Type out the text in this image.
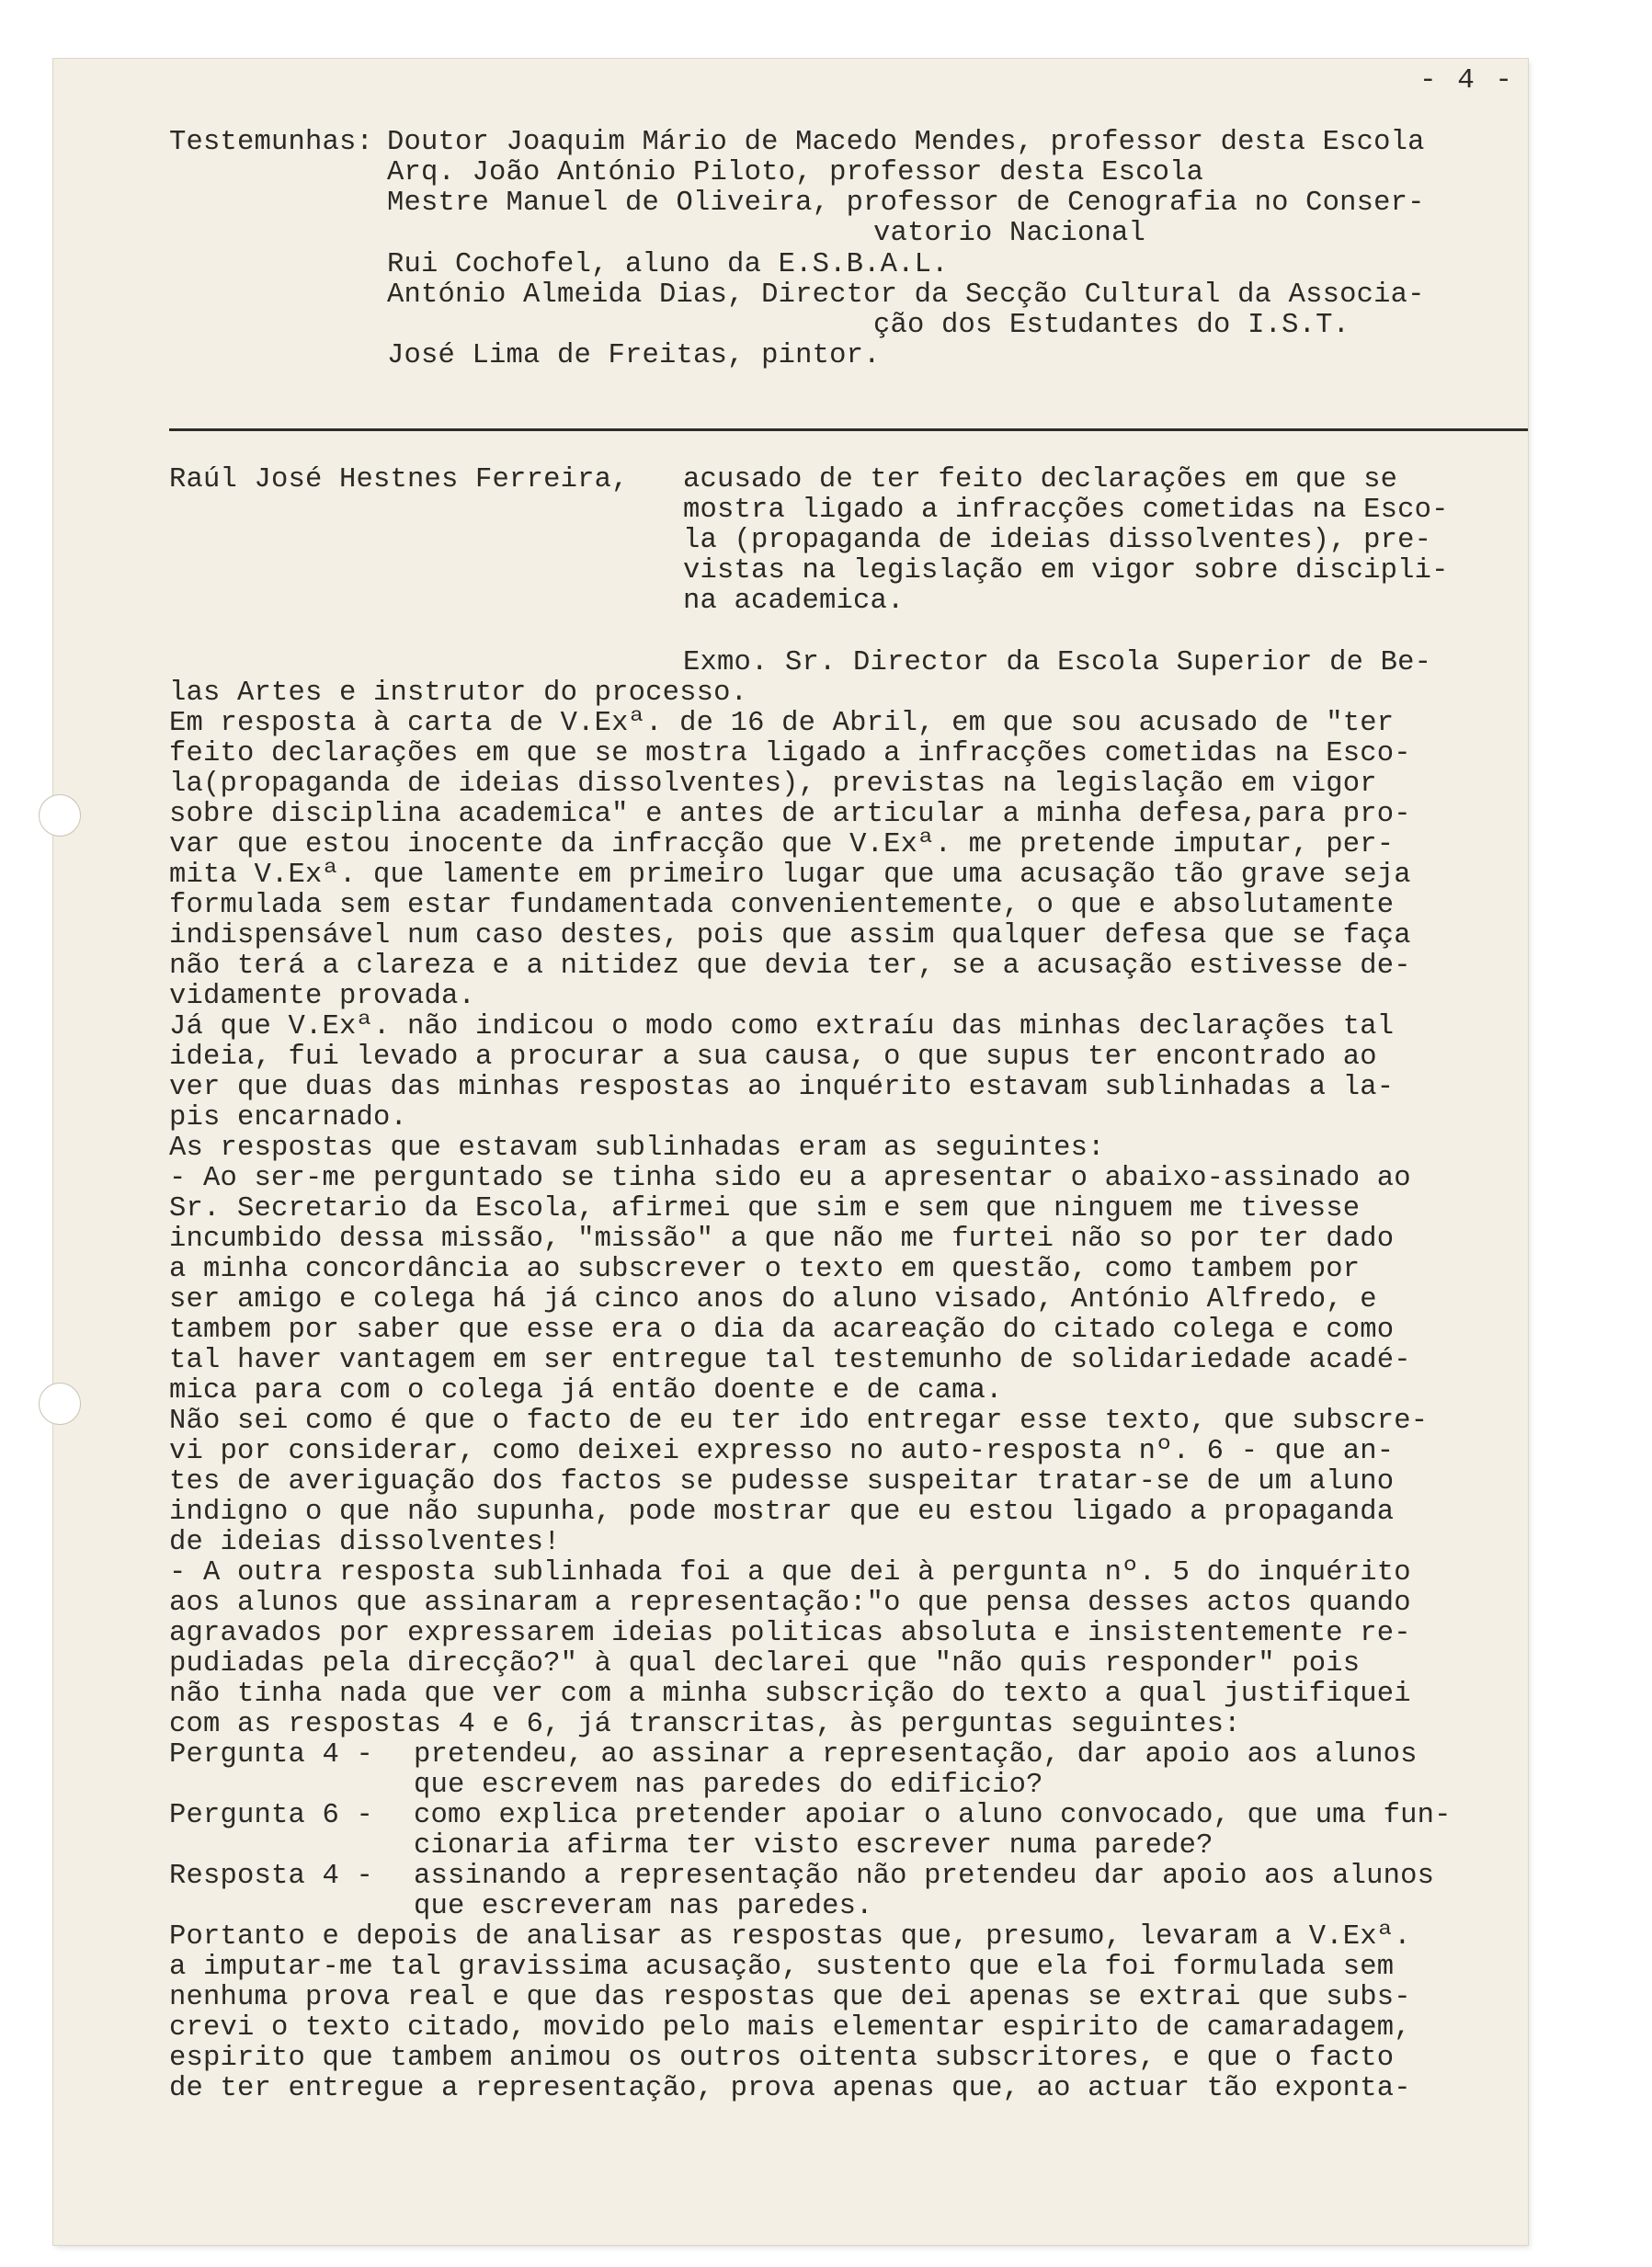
- 4 -
Testemunhas: Doutor Joaquim Mário de Macedo Mendes, professor desta Escola
Arq. João António Piloto, professor desta Escola
Mestre Manuel de Oliveira, professor de Cenografia no Conser-
vatorio Nacional
Rui Cochofel, aluno da E.S.B.A.L.
António Almeida Dias, Director da Secção Cultural da Associa-
ção dos Estudantes do I.S.T.
José Lima de Freitas, pintor.
Raúl José Hestnes Ferreira, acusado de ter feito declarações em que se
mostra ligado a infracções cometidas na Esco-
la (propaganda de ideias dissolventes), pre-
vistas na legislação em vigor sobre discipli-
na academica.
Exmo. Sr. Director da Escola Superior de Be-
las Artes e instrutor do processo.
Em resposta à carta de V.Exª. de 16 de Abril, em que sou acusado de "ter
feito declarações em que se mostra ligado a infracções cometidas na Esco-
la(propaganda de ideias dissolventes), previstas na legislação em vigor
sobre disciplina academica" e antes de articular a minha defesa,para pro-
var que estou inocente da infracção que V.Exª. me pretende imputar, per-
mita V.Exª. que lamente em primeiro lugar que uma acusação tão grave seja
formulada sem estar fundamentada convenientemente, o que e absolutamente
indispensável num caso destes, pois que assim qualquer defesa que se faça
não terá a clareza e a nitidez que devia ter, se a acusação estivesse de-
vidamente provada.
Já que V.Exª. não indicou o modo como extraíu das minhas declarações tal
ideia, fui levado a procurar a sua causa, o que supus ter encontrado ao
ver que duas das minhas respostas ao inquérito estavam sublinhadas a la-
pis encarnado.
As respostas que estavam sublinhadas eram as seguintes:
- Ao ser-me perguntado se tinha sido eu a apresentar o abaixo-assinado ao
Sr. Secretario da Escola, afirmei que sim e sem que ninguem me tivesse
incumbido dessa missão, "missão" a que não me furtei não so por ter dado
a minha concordância ao subscrever o texto em questão, como tambem por
ser amigo e colega há já cinco anos do aluno visado, António Alfredo, e
tambem por saber que esse era o dia da acareação do citado colega e como
tal haver vantagem em ser entregue tal testemunho de solidariedade acadé-
mica para com o colega já então doente e de cama.
Não sei como é que o facto de eu ter ido entregar esse texto, que subscre-
vi por considerar, como deixei expresso no auto-resposta nº. 6 - que an-
tes de averiguação dos factos se pudesse suspeitar tratar-se de um aluno
indigno o que não supunha, pode mostrar que eu estou ligado a propaganda
de ideias dissolventes!
- A outra resposta sublinhada foi a que dei à pergunta nº. 5 do inquérito
aos alunos que assinaram a representação:"o que pensa desses actos quando
agravados por expressarem ideias politicas absoluta e insistentemente re-
pudiadas pela direcção?" à qual declarei que "não quis responder" pois
não tinha nada que ver com a minha subscrição do texto a qual justifiquei
com as respostas 4 e 6, já transcritas, às perguntas seguintes:
Pergunta 4 - pretendeu, ao assinar a representação, dar apoio aos alunos
que escrevem nas paredes do edificio?
Pergunta 6 - como explica pretender apoiar o aluno convocado, que uma fun-
cionaria afirma ter visto escrever numa parede?
Resposta 4 - assinando a representação não pretendeu dar apoio aos alunos
que escreveram nas paredes.
Portanto e depois de analisar as respostas que, presumo, levaram a V.Exª.
a imputar-me tal gravissima acusação, sustento que ela foi formulada sem
nenhuma prova real e que das respostas que dei apenas se extrai que subs-
crevi o texto citado, movido pelo mais elementar espirito de camaradagem,
espirito que tambem animou os outros oitenta subscritores, e que o facto
de ter entregue a representação, prova apenas que, ao actuar tão exponta-
